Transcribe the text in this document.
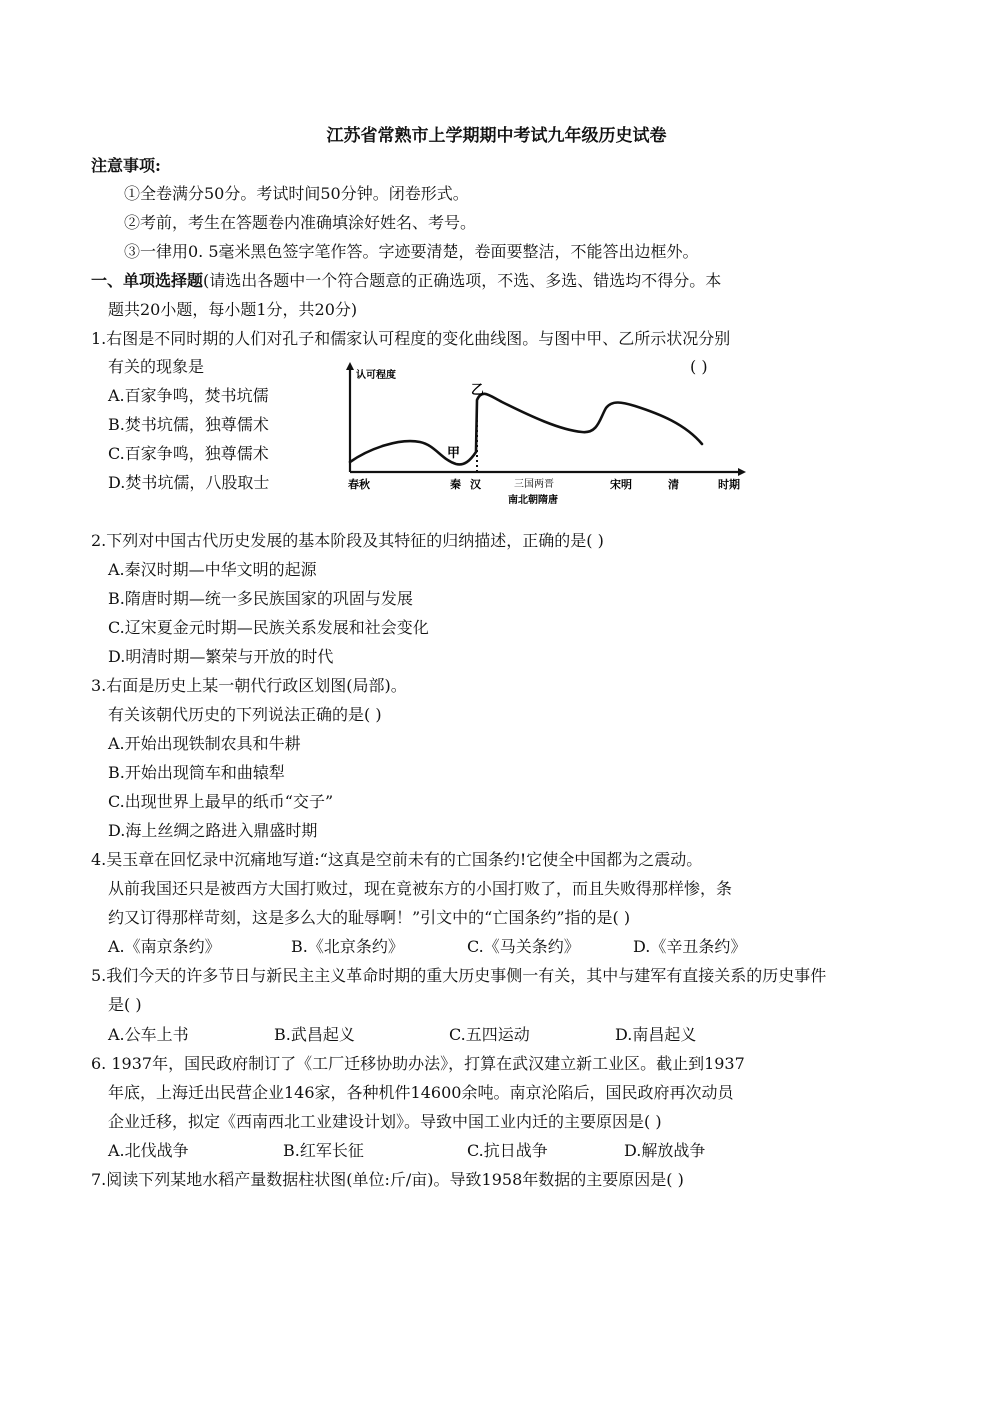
江苏省常熟市上学期期中考试九年级历史试卷
注意事项:
①全卷满分50分。考试时间50分钟。闭卷形式。
②考前，考生在答题卷内准确填涂好姓名、考号。
③一律用0. 5毫米黑色签字笔作答。字迹要清楚，卷面要整洁，不能答出边框外。
一、单项选择题(请选出各题中一个符合题意的正确选项，不选、多选、错选均不得分。本
题共20小题，每小题1分，共20分)
1.右图是不同时期的人们对孔子和儒家认可程度的变化曲线图。与图中甲、乙所示状况分别
有关的现象是	( )
A.百家争鸣，焚书坑儒
B.焚书坑儒，独尊儒术
C.百家争鸣，独尊儒术
D.焚书坑儒，八股取士
认可程度
甲
乙
春秋	秦 汉	三国两晋
南北朝隋唐
宋明	清	时期
2.下列对中国古代历史发展的基本阶段及其特征的归纳描述，正确的是( )
A.秦汉时期—中华文明的起源
B.隋唐时期—统一多民族国家的巩固与发展
C.辽宋夏金元时期—民族关系发展和社会变化
D.明清时期—繁荣与开放的时代
3.右面是历史上某一朝代行政区划图(局部)。
有关该朝代历史的下列说法正确的是( )
A.开始出现铁制农具和牛耕
B.开始出现筒车和曲辕犁
C.出现世界上最早的纸币“交子”
D.海上丝绸之路进入鼎盛时期
4.吴玉章在回忆录中沉痛地写道:“这真是空前未有的亡国条约!它使全中国都为之震动。
从前我国还只是被西方大国打败过，现在竟被东方的小国打败了，而且失败得那样惨，条
约又订得那样苛刻，这是多么大的耻辱啊！”引文中的“亡国条约”指的是( )
A.《南京条约》	B.《北京条约》	C.《马关条约》	D.《辛丑条约》
5.我们今天的许多节日与新民主主义革命时期的重大历史事侧一有关，其中与建军有直接关系的历史事件
是( )
A.公车上书	B.武昌起义	C.五四运动	D.南昌起义
6. 1937年，国民政府制订了《工厂迁移协助办法》，打算在武汉建立新工业区。截止到1937
年底，上海迁出民营企业146家，各种机件14600余吨。南京沦陷后，国民政府再次动员
企业迁移，拟定《西南西北工业建设计划》。导致中国工业内迁的主要原因是( )
A.北伐战争	B.红军长征	C.抗日战争	D.解放战争
7.阅读下列某地水稻产量数据柱状图(单位:斤/亩)。导致1958年数据的主要原因是( )
